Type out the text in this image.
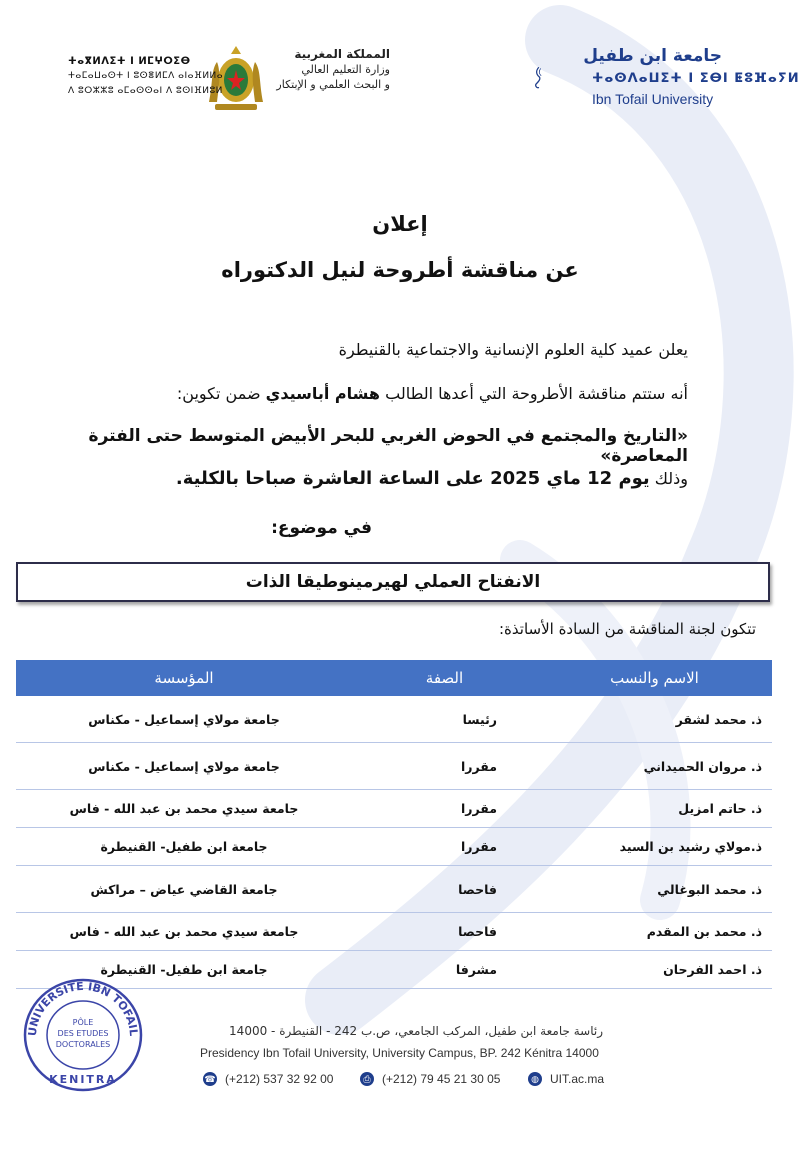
جامعة ابن طفيل
ⵜⴰⵙⴷⴰⵡⵉⵜ ⵏ ⵉⴱⵏ ⵟⵓⴼⴰⵢⵍ
Ibn Tofail University
المملكة المغربية
وزارة التعليم العالي
و البحث العلمي و الإبتكار
ⵜⴰⴳⵍⴷⵉⵜ ⵏ ⵍⵎⵖⵔⵉⴱ
ⵜⴰⵎⴰⵡⴰⵙⵜ ⵏ ⵓⵙⴻⵍⵎⴷ ⴰⵏⴰⴼⵍⵍⴰ
ⴷ ⵓⵔⵣⵣⵓ ⴰⵎⴰⵙⵙⴰⵏ ⴷ ⵓⵙⵏⴼⵍⵓⵍ
إعلان
عن مناقشة أطروحة لنيل الدكتوراه
يعلن عميد كلية العلوم الإنسانية والاجتماعية بالقنيطرة
أنه ستتم مناقشة الأطروحة التي أعدها الطالب هشام أباسيدي ضمن تكوين:
«التاريخ والمجتمع في الحوض الغربي للبحر الأبيض المتوسط حتى الفترة المعاصرة»
وذلك يوم 12 ماي 2025 على الساعة العاشرة صباحا بالكلية.
في موضوع:
الانفتاح العملي لهيرمينوطيقا الذات
تتكون لجنة المناقشة من السادة الأساتذة:
الاسم والنسب	الصفة	المؤسسة
ذ. محمد لشقر	رئيسا	جامعة مولاي إسماعيل - مكناس
ذ. مروان الحميداني	مقررا	جامعة مولاي إسماعيل - مكناس
ذ. حاتم امزيل	مقررا	جامعة سيدي محمد بن عبد الله - فاس
ذ.مولاي رشيد بن السيد	مقررا	جامعة ابن طفيل- القنيطرة
ذ. محمد البوغالي	فاحصا	جامعة القاضي عياض – مراكش
ذ. محمد بن المقدم	فاحصا	جامعة سيدي محمد بن عبد الله - فاس
ذ. احمد الفرحان	مشرفا	جامعة ابن طفيل- القنيطرة
UNIVERSITE IBN TOFAIL
PÔLE
DES ETUDES
DOCTORALES
KENITRA
رئاسة جامعة ابن طفيل، المركب الجامعي، ص.ب 242 - القنيطرة - 14000
Presidency Ibn Tofail University, University Campus, BP. 242 Kénitra 14000
☎ (+212) 537 32 92 00	⎙ (+212) 79 45 21 30 05	◍ UIT.ac.ma
